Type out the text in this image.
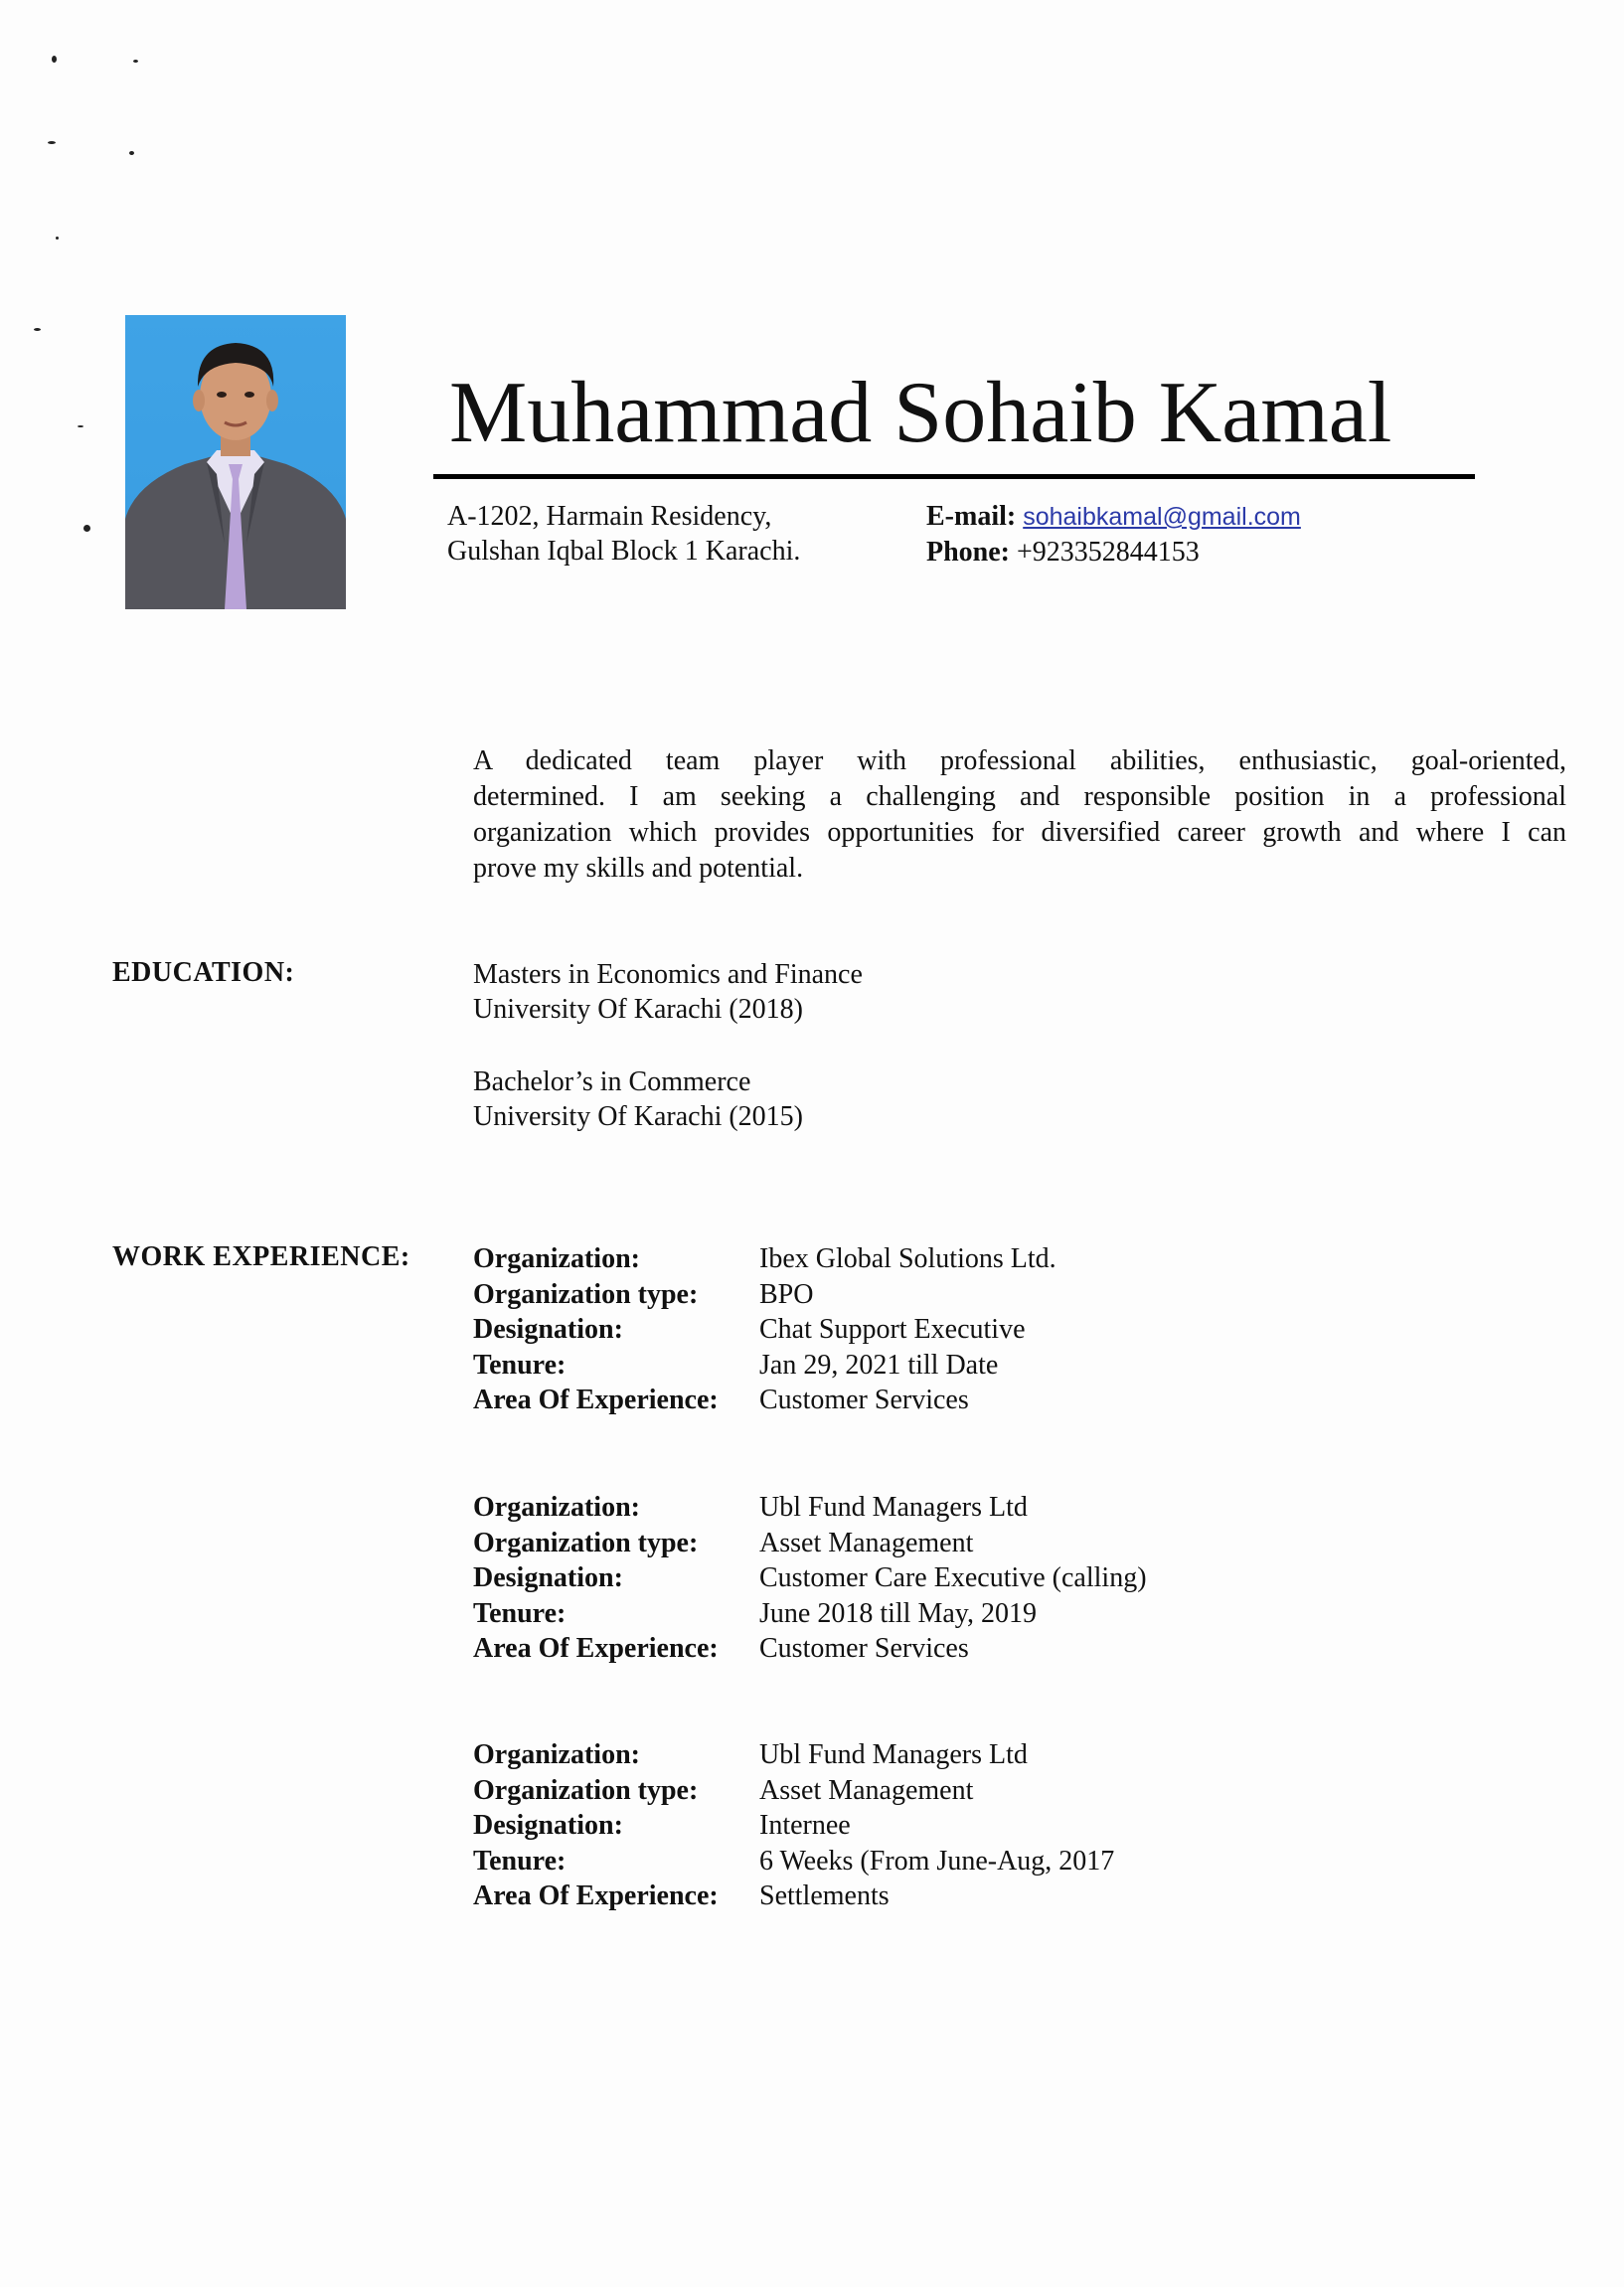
Muhammad Sohaib Kamal
A-1202, Harmain Residency,
Gulshan Iqbal Block 1 Karachi.
E-mail: sohaibkamal@gmail.com
Phone: +923352844153
A dedicated team player with professional abilities, enthusiastic, goal-oriented,
determined. I am seeking a challenging and responsible position in a professional
organization which provides opportunities for diversified career growth and where I can
prove my skills and potential.
EDUCATION:	Masters in Economics and Finance
University Of Karachi (2018)
Bachelor’s in Commerce
University Of Karachi (2015)
WORK EXPERIENCE: Organization:	Ibex Global Solutions Ltd.
Organization type:	BPO
Designation:	Chat Support Executive
Tenure:	Jan 29, 2021 till Date
Area Of Experience:	Customer Services
Organization:	Ubl Fund Managers Ltd
Organization type:	Asset Management
Designation:	Customer Care Executive (calling)
Tenure:	June 2018 till May, 2019
Area Of Experience:	Customer Services
Organization:	Ubl Fund Managers Ltd
Organization type:	Asset Management
Designation:	Internee
Tenure:	6 Weeks (From June-Aug, 2017
Area Of Experience:	Settlements
